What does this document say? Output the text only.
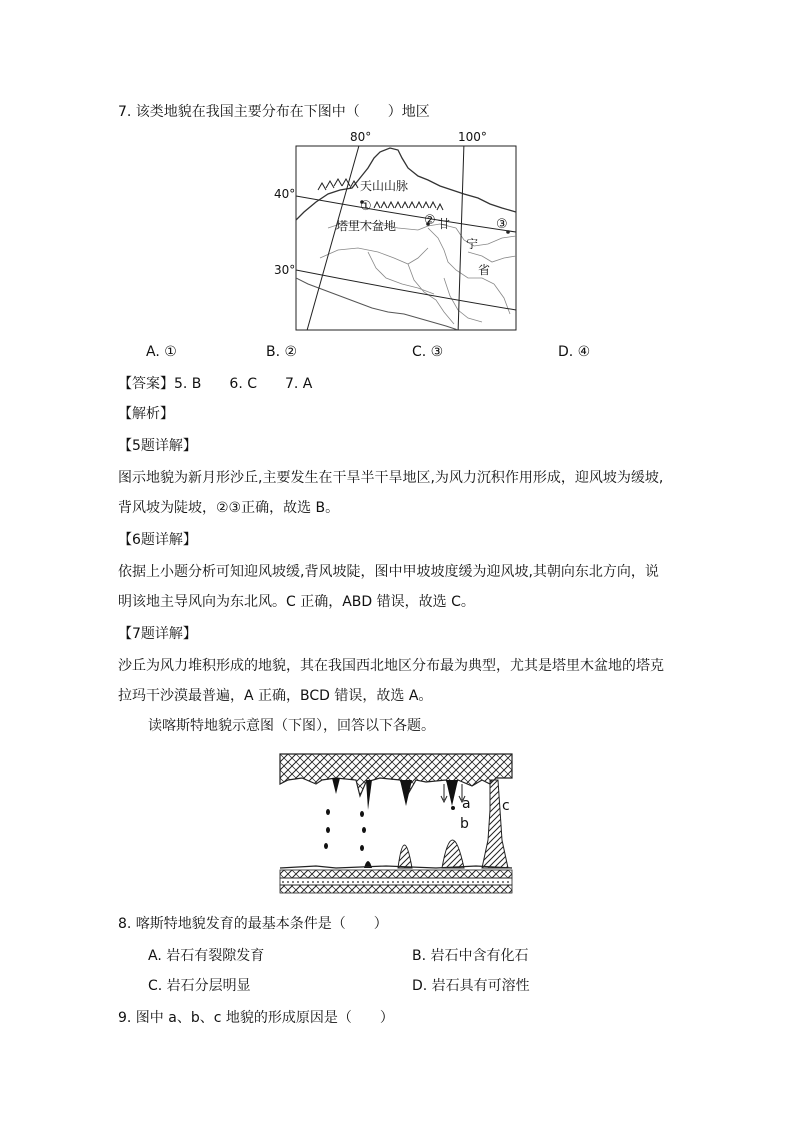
7. 该类地貌在我国主要分布在下图中（　　）地区
80°	100°
40°
30°
天山山脉
①
塔里木盆地 ② 甘	③
宁
省
A. ①	B. ②	C. ③	D. ④
【答案】5. B　　6. C　　7. A
【解析】
【5题详解】
图示地貌为新月形沙丘,主要发生在干旱半干旱地区,为风力沉积作用形成，迎风坡为缓坡,
背风坡为陡坡，②③正确，故选 B。
【6题详解】
依据上小题分析可知迎风坡缓,背风坡陡，图中甲坡坡度缓为迎风坡,其朝向东北方向，说
明该地主导风向为东北风。C 正确，ABD 错误，故选 C。
【7题详解】
沙丘为风力堆积形成的地貌，其在我国西北地区分布最为典型，尤其是塔里木盆地的塔克
拉玛干沙漠最普遍，A 正确，BCD 错误，故选 A。
读喀斯特地貌示意图（下图），回答以下各题。
a
b
c
8. 喀斯特地貌发育的最基本条件是（　　）
A. 岩石有裂隙发育	B. 岩石中含有化石
C. 岩石分层明显	D. 岩石具有可溶性
9. 图中 a、b、c 地貌的形成原因是（　　）
